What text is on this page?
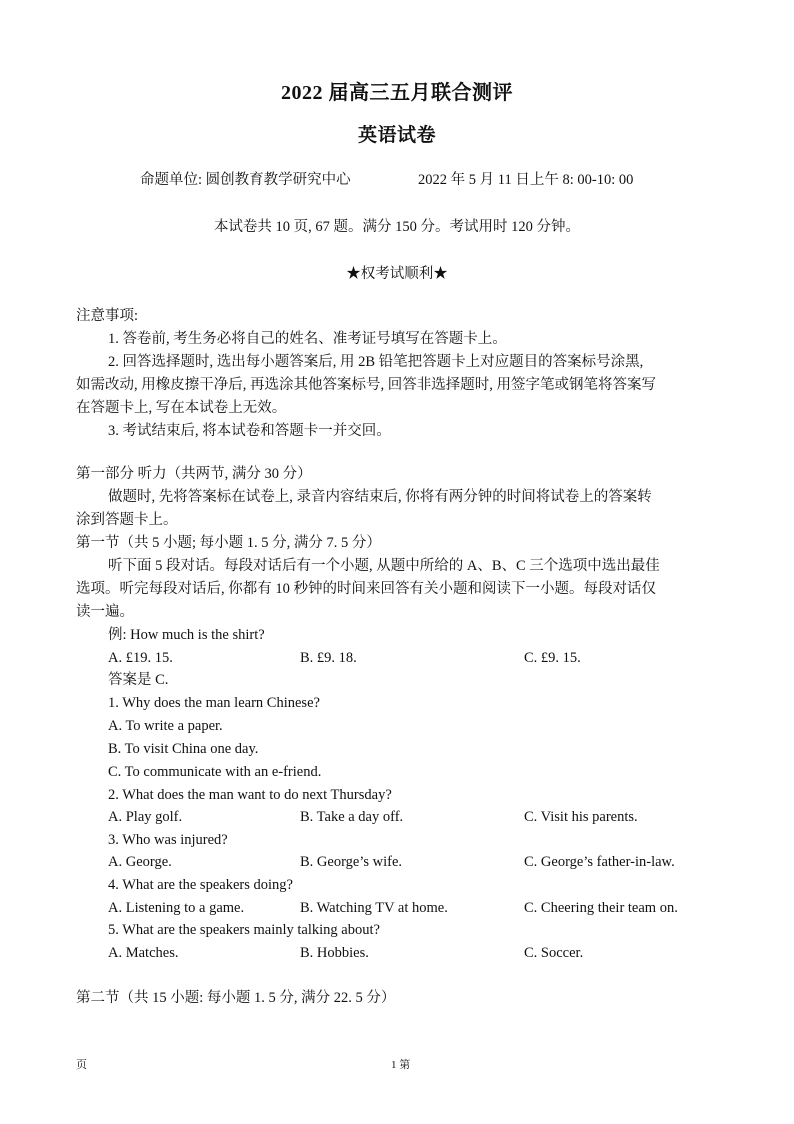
2022 届高三五月联合测评
英语试卷
命题单位: 圆创教育教学研究中心	2022 年 5 月 11 日上午 8: 00-10: 00
本试卷共 10 页, 67 题。满分 150 分。考试用时 120 分钟。
★权考试顺利★
注意事项:
1. 答卷前, 考生务必将自己的姓名、准考证号填写在答题卡上。
2. 回答选择题时, 选出每小题答案后, 用 2B 铅笔把答题卡上对应题目的答案标号涂黑,
如需改动, 用橡皮擦干净后, 再选涂其他答案标号, 回答非选择题时, 用签字笔或钢笔将答案写
在答题卡上, 写在本试卷上无效。
3. 考试结束后, 将本试卷和答题卡一并交回。
第一部分 听力（共两节, 满分 30 分）
做题时, 先将答案标在试卷上, 录音内容结束后, 你将有两分钟的时间将试卷上的答案转
涂到答题卡上。
第一节（共 5 小题; 每小题 1. 5 分, 满分 7. 5 分）
听下面 5 段对话。每段对话后有一个小题, 从题中所给的 A、B、C 三个选项中选出最佳
选项。听完每段对话后, 你都有 10 秒钟的时间来回答有关小题和阅读下一小题。每段对话仅
读一遍。
例: How much is the shirt?
A. £19. 15.	B. £9. 18.	C. £9. 15.
答案是 C.
1. Why does the man learn Chinese?
A. To write a paper.
B. To visit China one day.
C. To communicate with an e-friend.
2. What does the man want to do next Thursday?
A. Play golf.	B. Take a day off.	C. Visit his parents.
3. Who was injured?
A. George.	B. George’s wife.	C. George’s father-in-law.
4. What are the speakers doing?
A. Listening to a game.	B. Watching TV at home.	C. Cheering their team on.
5. What are the speakers mainly talking about?
A. Matches.	B. Hobbies.	C. Soccer.
第二节（共 15 小题: 每小题 1. 5 分, 满分 22. 5 分）
页	1 第
